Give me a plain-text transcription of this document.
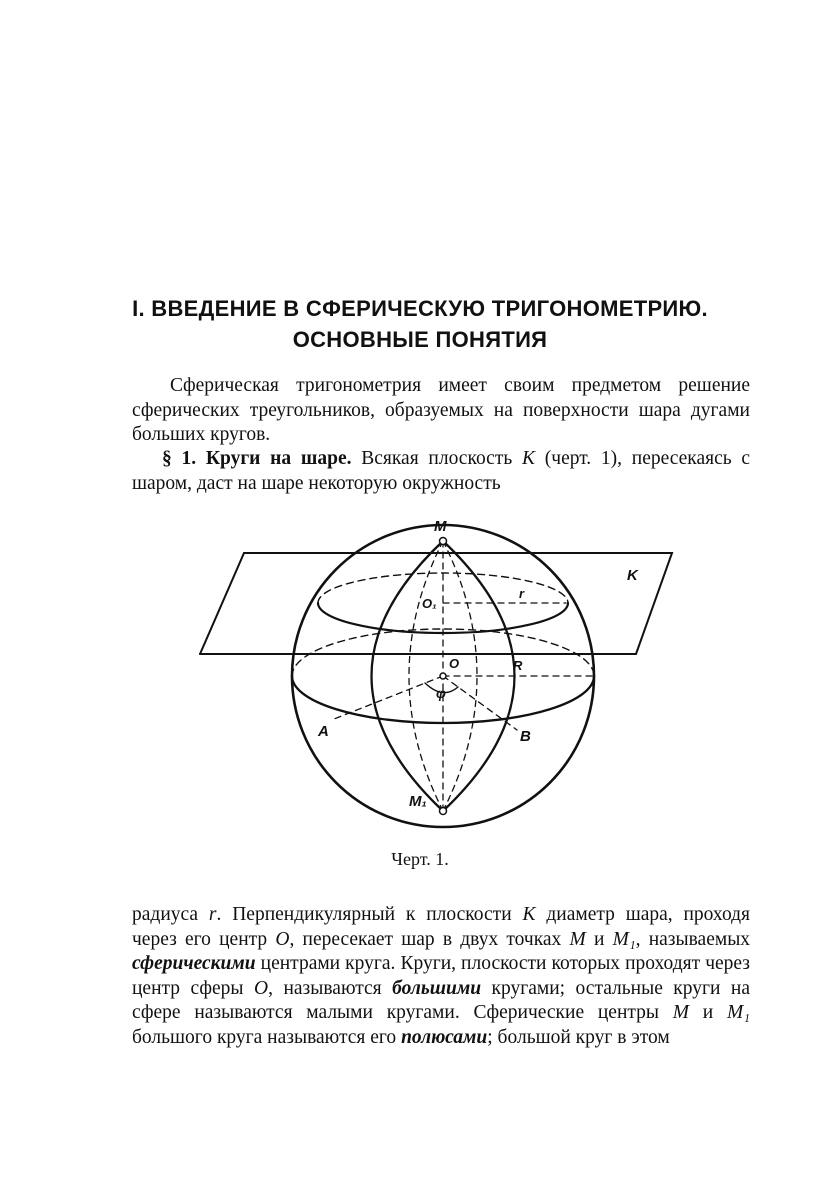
I. ВВЕДЕНИЕ В СФЕРИЧЕСКУЮ ТРИГОНОМЕТРИЮ.
ОСНОВНЫЕ ПОНЯТИЯ

Сферическая тригонометрия имеет своим предметом решение сферических треугольников, образуемых на поверхности шара дугами больших кругов.

§ 1. Круги на шаре. Всякая плоскость K (черт. 1), пересекаясь с шаром, даст на шаре некоторую окружность

M
K
O₁
r
O	R
φ
A	B
M₁

Черт. 1.

радиуса r. Перпендикулярный к плоскости K диаметр шара, проходя через его центр O, пересекает шар в двух точках M и M₁, называемых сферическими центрами круга. Круги, плоскости которых проходят через центр сферы O, называются большими кругами; остальные круги на сфере называются малыми кругами. Сферические центры M и M₁ большого круга называются его полюсами; большой круг в этом
